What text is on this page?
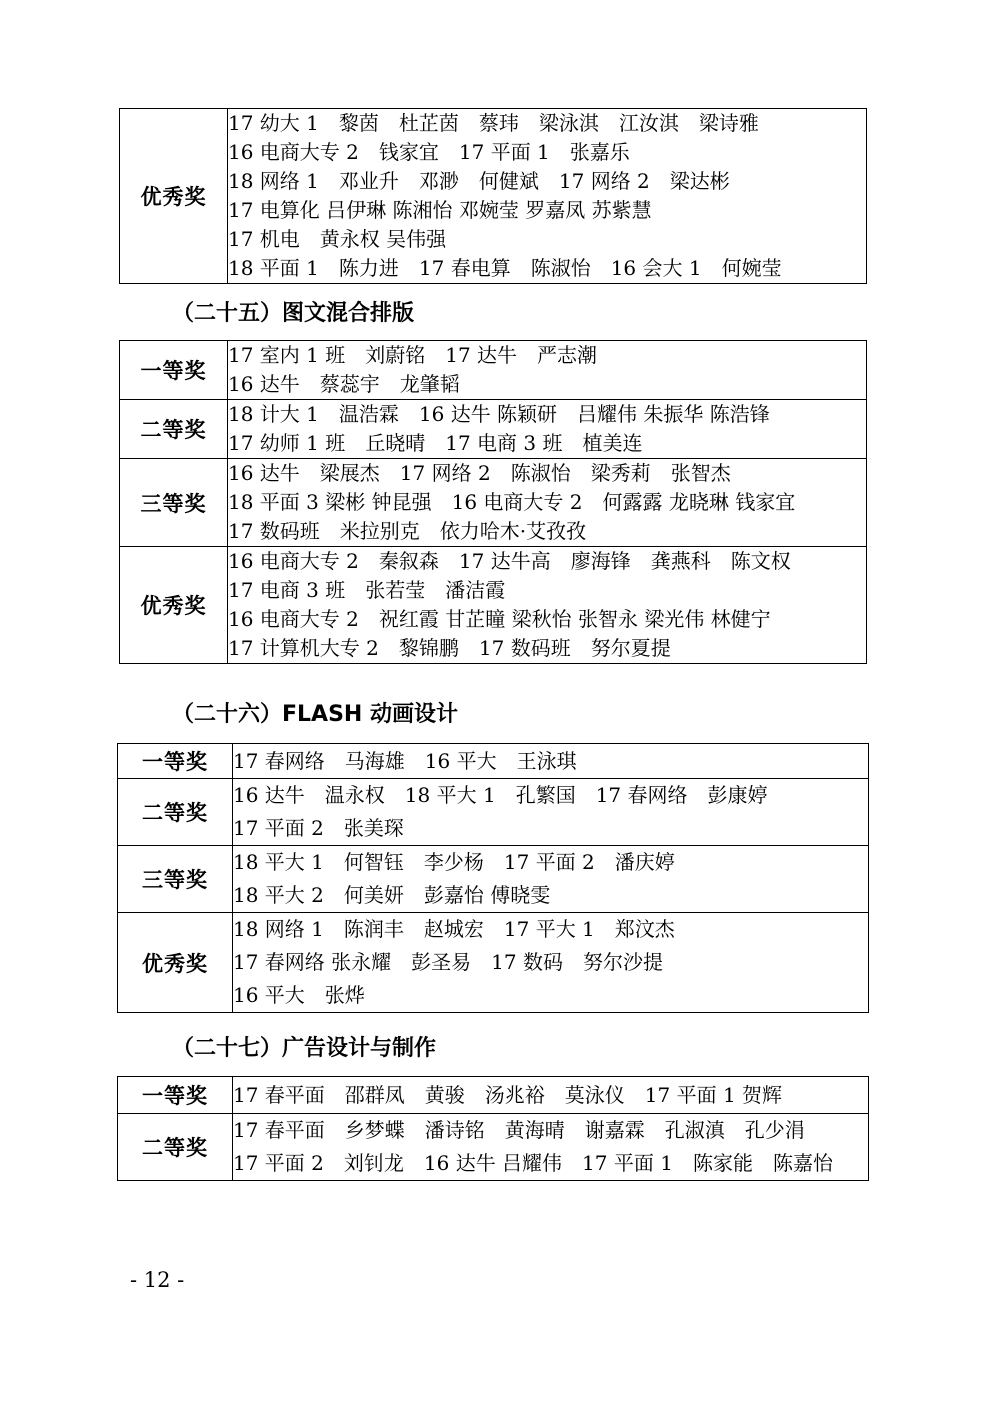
优秀奖	
17 幼大 1　黎茵　杜芷茵　蔡玮　梁泳淇　江汝淇　梁诗雅
16 电商大专 2　钱家宜　17 平面 1　张嘉乐
18 网络 1　邓业升　邓渺　何健斌　17 网络 2　梁达彬
17 电算化 吕伊琳 陈湘怡 邓婉莹 罗嘉凤 苏紫慧
17 机电　黄永权 吴伟强
18 平面 1　陈力进　17 春电算　陈淑怡　16 会大 1　何婉莹
（二十五）图文混合排版
一等奖	17 室内 1 班　刘蔚铭　17 达牛　严志潮
16 达牛　蔡蕊宇　龙肇韬

二等奖	18 计大 1　温浩霖　16 达牛 陈颖研　吕耀伟 朱振华 陈浩锋
17 幼师 1 班　丘晓晴　17 电商 3 班　植美连

三等奖	16 达牛　梁展杰　17 网络 2　陈淑怡　梁秀莉　张智杰
18 平面 3 梁彬 钟昆强　16 电商大专 2　何露露 龙晓琳 钱家宜
17 数码班　米拉别克　依力哈木·艾孜孜

优秀奖	16 电商大专 2　秦叙森　17 达牛高　廖海锋　龚燕科　陈文权
17 电商 3 班　张若莹　潘洁霞
16 电商大专 2　祝红霞 甘芷瞳 梁秋怡 张智永 梁光伟 林健宁
17 计算机大专 2　黎锦鹏　17 数码班　努尔夏提
（二十六）FLASH 动画设计
一等奖	17 春网络　马海雄　16 平大　王泳琪

二等奖	16 达牛　温永权　18 平大 1　孔繁国　17 春网络　彭康婷
17 平面 2　张美琛

三等奖	18 平大 1　何智钰　李少杨　17 平面 2　潘庆婷
18 平大 2　何美妍　彭嘉怡 傅晓雯

优秀奖	18 网络 1　陈润丰　赵城宏　17 平大 1　郑汶杰
17 春网络 张永耀　彭圣易　17 数码　努尔沙提
16 平大　张烨
（二十七）广告设计与制作
一等奖	17 春平面　邵群凤　黄骏　汤兆裕　莫泳仪　17 平面 1 贺辉

二等奖	17 春平面　乡梦蝶　潘诗铭　黄海晴　谢嘉霖　孔淑滇　孔少涓
17 平面 2　刘钊龙　16 达牛 吕耀伟　17 平面 1　陈家能　陈嘉怡
- 12 -
